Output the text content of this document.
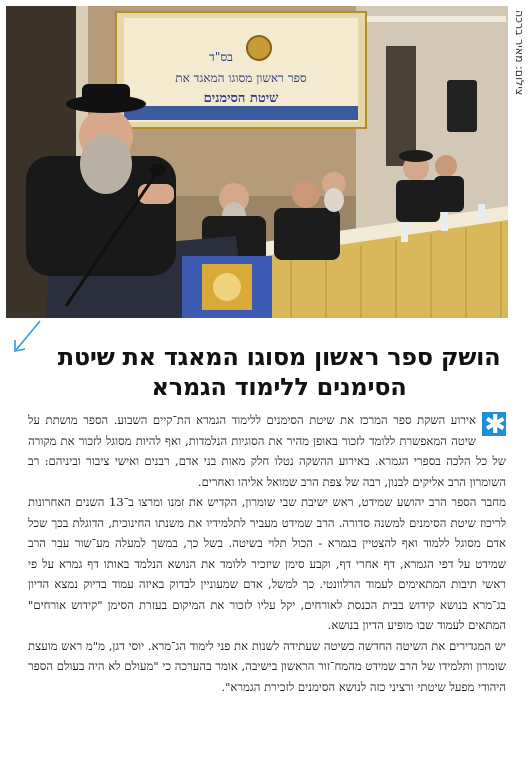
בס"ד
ספר ראשון מסוגו המאגד את
שיטת הסימנים
צילום: מאיר ברכה
הושק ספר ראשון מסוגו המאגד את שיטת
הסימנים ללימוד הגמרא
✱

אירוע השקת ספר המרכז את שיטת הסימנים ללימוד הגמרא הת־קיים השבוע. הספר מושתת על שיטה המאפשרת ללומד לזכור באופן מהיר את הסוגיות הנלמדות, ואף להיות מסוגל לזכור את מקורה של כל הלכה בספרי הגמרא. באירוע ההשקה נטלו חלק מאות בני אדם, רבנים ואישי ציבור וביניהם: רב השומרון הרב אליקים לבנון, רבה של צפת הרב שמואל אליהו ואחרים.

מחבר הספר הרב יהושע שמידט, ראש ישיבת שבי שומרון, הקדיש את זמנו ומרצו ב־13 השנים האחרונות לריכוז שיטת הסימנים למשנה סדורה. הרב שמידט מעביר לתלמידיו את משנתו החינוכית, הדוגלת בכך שכל אדם מסוגל ללמוד ואף להצטיין בגמרא - הכול תלוי בשיטה. בשל כך, במשך למעלה מע־שור עבר הרב שמידט על דפי הגמרא, דף אחרי דף, וקבע סימן שיזכיר ללומד את הנושא הנלמד באותו דף גמרא על פי ראשי תיבות המתאימים לעמוד הרלוונטי. כך למשל, אדם שמעוניין לבדוק באיזה עמוד בדיוק נמצא הדיון בג־מרא בנושא קידוש בבית הכנסת לאורחים, יקל עליו לזכור את המיקום בעזרת הסימן "קידוש אורחים" המתאים לעמוד שבו מופיע הדיון בנושא.

יש המגדירים את השיטה החדשה כשיטה שעתידה לשנות את פני לימוד הג־מרא. יוסי דגן, מ"מ ראש מועצת שומרון ותלמידו של הרב שמידט מהמח־זור הראשון בישיבה, אומר בהערכה כי "מעולם לא היה בעולם הספר היהודי מפעל שיטתי ורציני כזה לנושא הסימנים לזכירת הגמרא".
